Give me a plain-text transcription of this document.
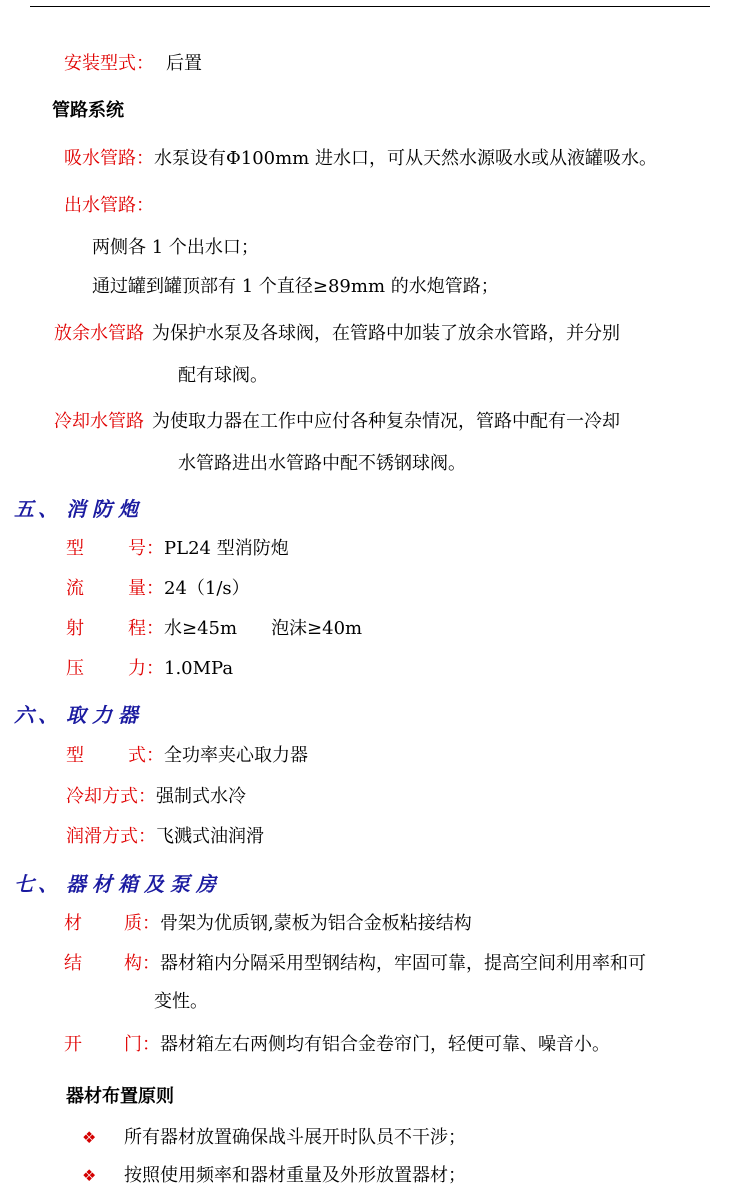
安装型式： 后置
管路系统
吸水管路：水泵设有Φ100mm 进水口，可从天然水源吸水或从液罐吸水。
出水管路：
两侧各 1 个出水口；
通过罐到罐顶部有 1 个直径≥89mm 的水炮管路；
放余水管路 为保护水泵及各球阀，在管路中加装了放余水管路，并分别
配有球阀。
冷却水管路 为使取力器在工作中应付各种复杂情况，管路中配有一冷却
水管路进出水管路中配不锈钢球阀。
五、 消防炮
型 号：PL24 型消防炮
流 量：24（1/s）
射 程：水≥45m 泡沫≥40m
压 力：1.0MPa
六、 取力器
型 式：全功率夹心取力器
冷却方式：强制式水冷
润滑方式：飞溅式油润滑
七、 器材箱及泵房
材 质：骨架为优质钢,蒙板为铝合金板粘接结构
结 构：器材箱内分隔采用型钢结构，牢固可靠，提高空间利用率和可
变性。
开 门：器材箱左右两侧均有铝合金卷帘门，轻便可靠、噪音小。
器材布置原则
❖ 所有器材放置确保战斗展开时队员不干涉；
❖ 按照使用频率和器材重量及外形放置器材；
